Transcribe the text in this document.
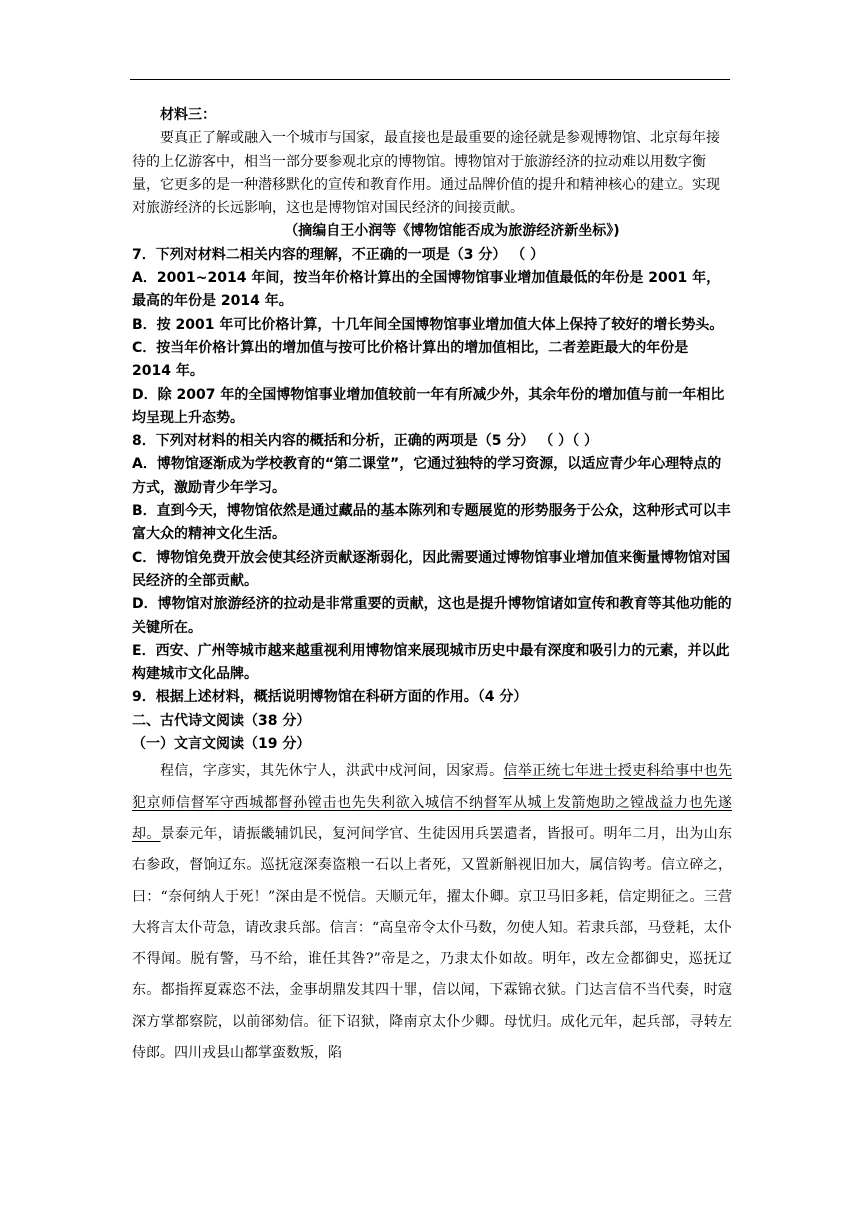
材料三：

要真正了解或融入一个城市与国家，最直接也是最重要的途径就是参观博物馆、北京每年接待的上亿游客中，相当一部分要参观北京的博物馆。博物馆对于旅游经济的拉动难以用数字衡量，它更多的是一种潜移默化的宣传和教育作用。通过品牌价值的提升和精神核心的建立。实现对旅游经济的长远影响，这也是博物馆对国民经济的间接贡献。

（摘编自王小润等《博物馆能否成为旅游经济新坐标》)

7．下列对材料二相关内容的理解，不正确的一项是（3 分） （ ）

A．2001~2014 年间，按当年价格计算出的全国博物馆事业增加值最低的年份是 2001 年，最高的年份是 2014 年。

B．按 2001 年可比价格计算，十几年间全国博物馆事业增加值大体上保持了较好的增长势头。

C．按当年价格计算出的增加值与按可比价格计算出的增加值相比，二者差距最大的年份是 2014 年。

D．除 2007 年的全国博物馆事业增加值较前一年有所减少外，其余年份的增加值与前一年相比均呈现上升态势。

8．下列对材料的相关内容的概括和分析，正确的两项是（5 分） （ ）（ ）

A．博物馆逐渐成为学校教育的“第二课堂”，它通过独特的学习资源，以适应青少年心理特点的方式，激励青少年学习。

B．直到今天，博物馆依然是通过藏品的基本陈列和专题展览的形势服务于公众，这种形式可以丰富大众的精神文化生活。

C．博物馆免费开放会使其经济贡献逐渐弱化，因此需要通过博物馆事业增加值来衡量博物馆对国民经济的全部贡献。

D．博物馆对旅游经济的拉动是非常重要的贡献，这也是提升博物馆诸如宣传和教育等其他功能的关键所在。

E．西安、广州等城市越来越重视利用博物馆来展现城市历史中最有深度和吸引力的元素，并以此构建城市文化品牌。

9．根据上述材料，概括说明博物馆在科研方面的作用。（4 分）

二、古代诗文阅读（38 分）

（一）文言文阅读（19 分）

程信，字彦实，其先休宁人，洪武中戍河间，因家焉。信举正统七年进士授吏科给事中也先犯京师信督军守西城都督孙镗击也先失利欲入城信不纳督军从城上发箭炮助之镗战益力也先遂却。景泰元年，请振畿辅饥民，复河间学官、生徒因用兵罢遣者，皆报可。明年二月，出为山东右参政，督饷辽东。巡抚寇深奏盗粮一石以上者死，又置新斛视旧加大，属信钩考。信立碎之，曰：“奈何纳人于死！”深由是不悦信。天顺元年，擢太仆卿。京卫马旧多耗，信定期征之。三营大将言太仆苛急，请改隶兵部。信言：“高皇帝令太仆马数，勿使人知。若隶兵部，马登耗，太仆不得闻。脱有警，马不给，谁任其咎?”帝是之，乃隶太仆如故。明年，改左佥都御史，巡抚辽东。都指挥夏霖恣不法，金事胡鼎发其四十罪，信以闻，下霖锦衣狱。门达言信不当代奏，时寇深方掌都察院，以前郤劾信。征下诏狱，降南京太仆少卿。母忧归。成化元年，起兵部，寻转左侍郎。四川戎县山都掌蛮数叛，陷
